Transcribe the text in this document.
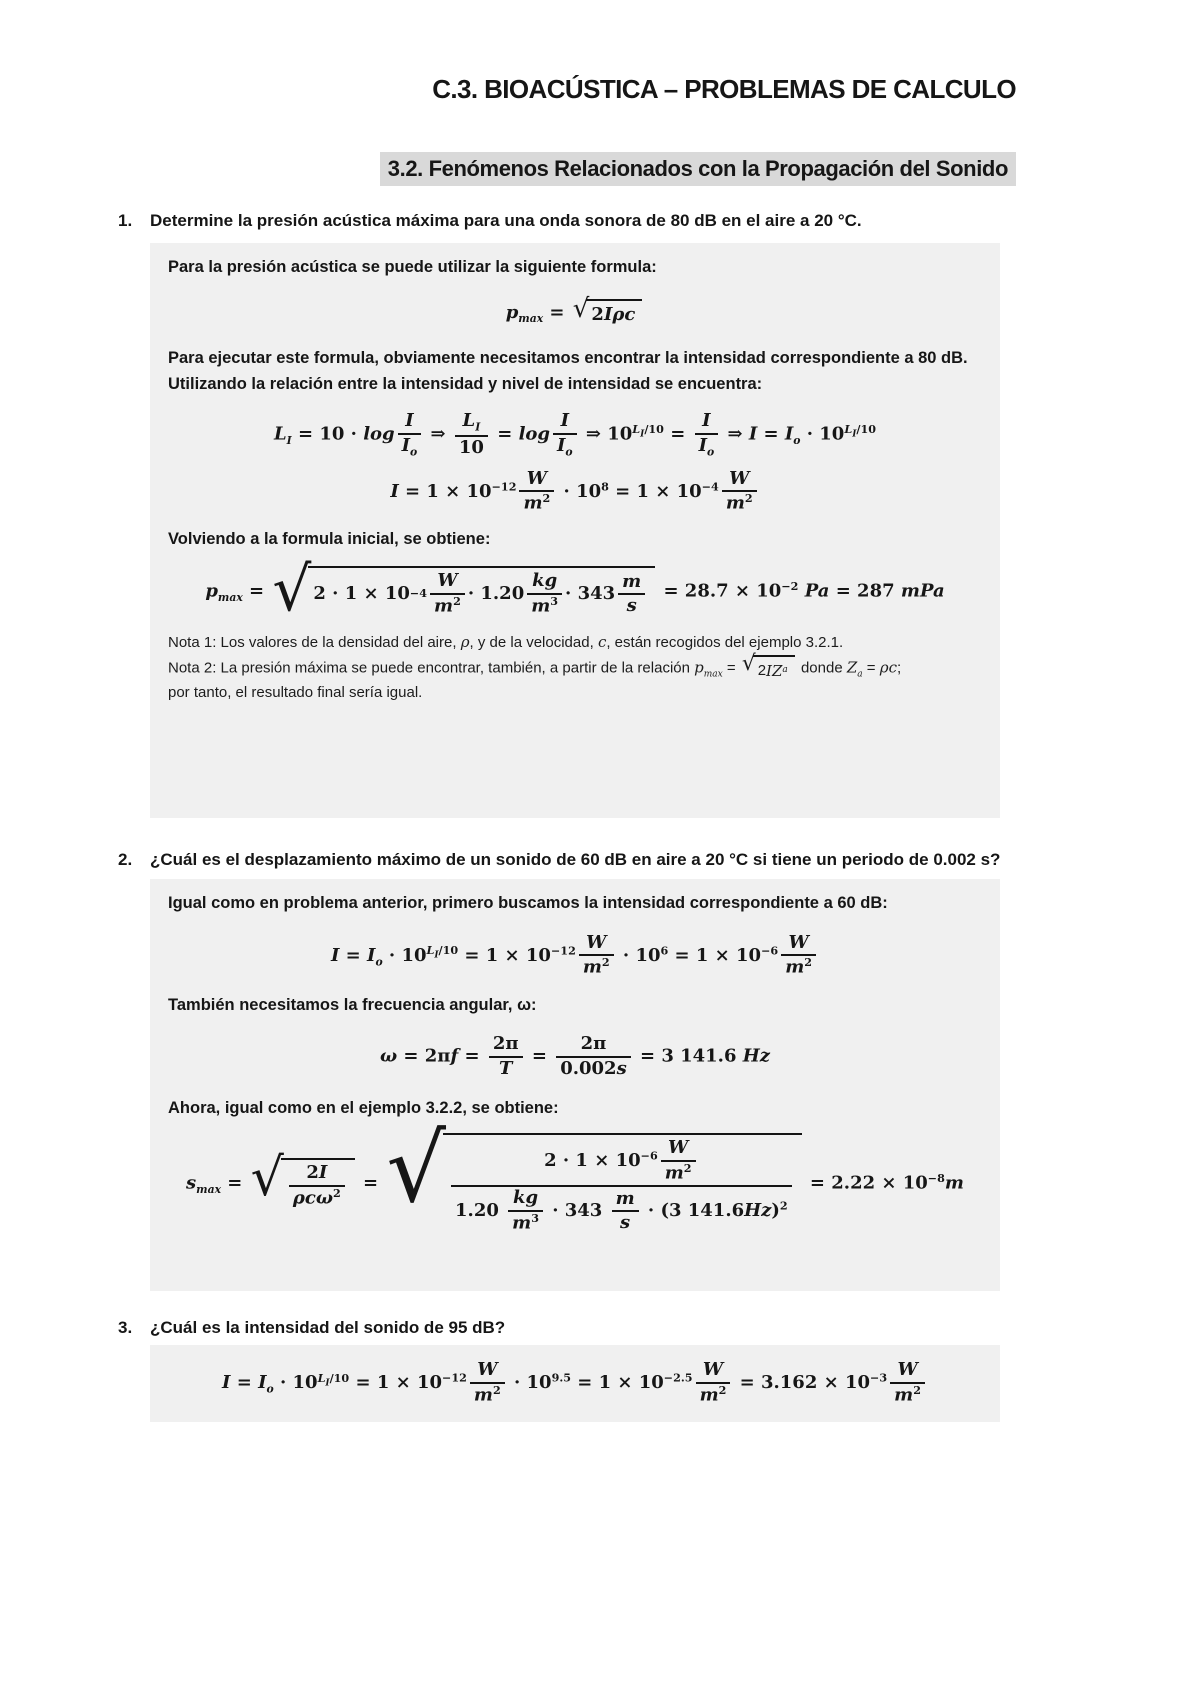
C.3. BIOACÚSTICA – PROBLEMAS DE CALCULO
3.2. Fenómenos Relacionados con la Propagación del Sonido
1. Determine la presión acústica máxima para una onda sonora de 80 dB en el aire a 20 °C.

Para la presión acústica se puede utilizar la siguiente formula:

$p_{max}$ = √ 2 Iρc

Para ejecutar este formula, obviamente necesitamos encontrar la intensidad correspondiente a 80 dB. Utilizando la relación entre la intensidad y nivel de intensidad se encuentra:

$L_I = 10 \cdot \log \frac{I}{I_o}$ ⇒ $\frac{L_I}{10} = \log \frac{I}{I_o}$ ⇒ $10^{L_I/10} = \frac{I}{I_o}$ ⇒ $I = I_o \cdot 10^{L_I/10}$
$I = 1 \times 10^{-12} \frac{W}{m^2} \cdot 10^8 = 1 \times 10^{-4} \frac{W}{m^2}$

Volviendo a la formula inicial, se obtiene:

$p_{max}$ = √ $2 \cdot 1 \times 10 -4 \frac{W}{m^2} \cdot 1.20 \frac{kg}{m^3} \cdot 343 \frac{m}{s} = 28.7 \times 10^{-2}$ Pa = 287 mPa

Nota 1: Los valores de la densidad del aire, ρ, y de la velocidad, c, están recogidos del ejemplo 3.2.1.

Nota 2: La presión máxima se puede encontrar, también, a partir de la relación $p_{max}$ = √ 2 IZ a donde $Z_a = \rho c$;

por tanto, el resultado final sería igual.

2. ¿Cuál es el desplazamiento máximo de un sonido de 60 dB en aire a 20 °C si tiene un periodo de 0.002 s?

Igual como en problema anterior, primero buscamos la intensidad correspondiente a 60 dB:

$I = I_o \cdot 10^{L_I/10} = 1 \times 10^{-12} \frac{W}{m^2} \cdot 10^6 = 1 \times 10^{-6} \frac{W}{m^2}$

También necesitamos la frecuencia angular, ω:

$\omega = 2\pi f = \frac{2\pi}{T} = \frac{2\pi}{0.002s} = 3$ 141.6 Hz

Ahora, igual como en el ejemplo 3.2.2, se obtiene:

$s_{max}$ = √ $\frac{2I}{\rho c\omega^2}$ = √ $\frac{2 \cdot 1 \times 10^{-6} \frac{W}{m^2}}{1.20 \frac{kg}{m^3} \cdot 343 \frac{m}{s} \cdot (3 141.6Hz)^2} = 2.22 \times 10^{-8}m$
3. ¿Cuál es la intensidad del sonido de 95 dB?
$I = I_o \cdot 10^{L_I/10} = 1 \times 10^{-12} \frac{W}{m^2} \cdot 10^{9.5} = 1 \times 10^{-2.5} \frac{W}{m^2} = 3.162 \times 10^{-3} \frac{W}{m^2}$
